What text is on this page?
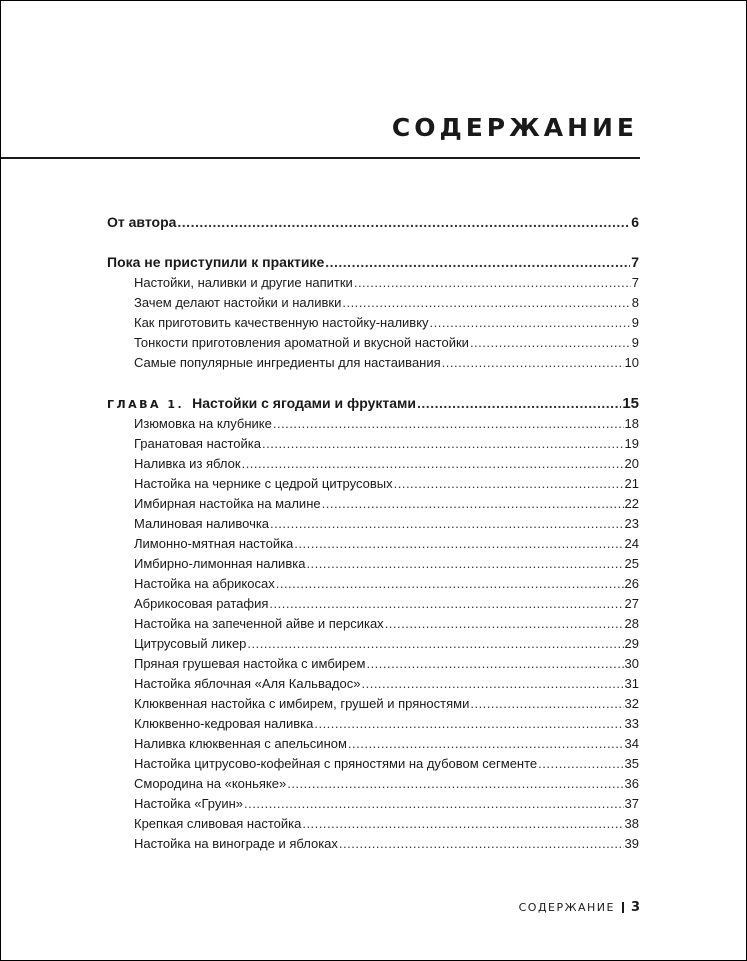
СОДЕРЖАНИЕ
От автора .....	6
Пока не приступили к практике .....	7
Настойки, наливки и другие напитки .....	7
Зачем делают настойки и наливки .....	8
Как приготовить качественную настойку-наливку .....	9
Тонкости приготовления ароматной и вкусной настойки .....	9
Самые популярные ингредиенты для настаивания .....	10
ГЛАВА 1. Настойки с ягодами и фруктами .....	15
Изюмовка на клубнике .....	18
Гранатовая настойка .....	19
Наливка из яблок .....	20
Настойка на чернике с цедрой цитрусовых .....	21
Имбирная настойка на малине .....	22
Малиновая наливочка .....	23
Лимонно-мятная настойка .....	24
Имбирно-лимонная наливка .....	25
Настойка на абрикосах .....	26
Абрикосовая ратафия .....	27
Настойка на запеченной айве и персиках .....	28
Цитрусовый ликер .....	29
Пряная грушевая настойка с имбирем .....	30
Настойка яблочная «Аля Кальвадос» .....	31
Клюквенная настойка с имбирем, грушей и пряностями .....	32
Клюквенно-кедровая наливка .....	33
Наливка клюквенная с апельсином .....	34
Настойка цитрусово-кофейная с пряностями на дубовом сегменте .....	35
Смородина на «коньяке» .....	36
Настойка «Груин» .....	37
Крепкая сливовая настойка .....	38
Настойка на винограде и яблоках .....	39
СОДЕРЖАНИЕ 3
